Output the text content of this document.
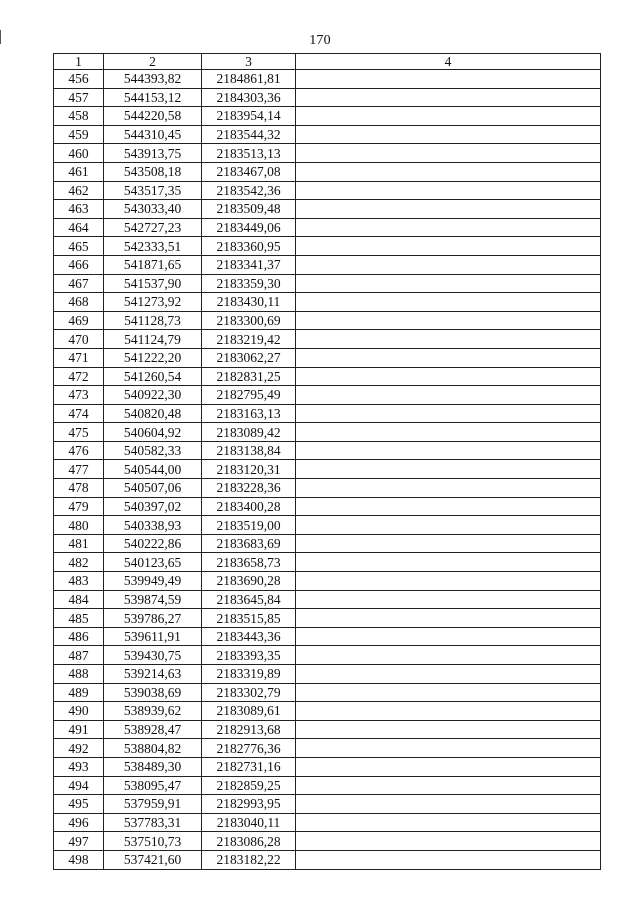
170
1	2	3	4
456	544393,82	2184861,81	
457	544153,12	2184303,36	
458	544220,58	2183954,14	
459	544310,45	2183544,32	
460	543913,75	2183513,13	
461	543508,18	2183467,08	
462	543517,35	2183542,36	
463	543033,40	2183509,48	
464	542727,23	2183449,06	
465	542333,51	2183360,95	
466	541871,65	2183341,37	
467	541537,90	2183359,30	
468	541273,92	2183430,11	
469	541128,73	2183300,69	
470	541124,79	2183219,42	
471	541222,20	2183062,27	
472	541260,54	2182831,25	
473	540922,30	2182795,49	
474	540820,48	2183163,13	
475	540604,92	2183089,42	
476	540582,33	2183138,84	
477	540544,00	2183120,31	
478	540507,06	2183228,36	
479	540397,02	2183400,28	
480	540338,93	2183519,00	
481	540222,86	2183683,69	
482	540123,65	2183658,73	
483	539949,49	2183690,28	
484	539874,59	2183645,84	
485	539786,27	2183515,85	
486	539611,91	2183443,36	
487	539430,75	2183393,35	
488	539214,63	2183319,89	
489	539038,69	2183302,79	
490	538939,62	2183089,61	
491	538928,47	2182913,68	
492	538804,82	2182776,36	
493	538489,30	2182731,16	
494	538095,47	2182859,25	
495	537959,91	2182993,95	
496	537783,31	2183040,11	
497	537510,73	2183086,28	
498	537421,60	2183182,22	
